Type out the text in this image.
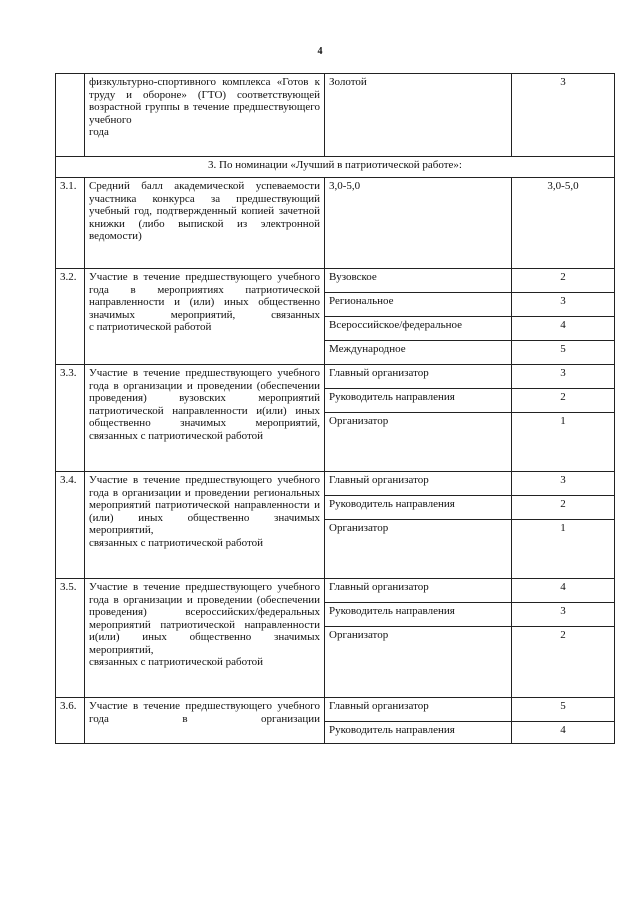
4
	физкультурно-спортивного комплекса «Готов к труду и обороне» (ГТО) соответствующей возрастной группы в течение предшествующего учебного
года	Золотой	3
3. По номинации «Лучший в патриотической работе»:			
3.1.	Средний балл академической успеваемости участника конкурса за предшествующий учебный год, подтвержденный копией зачетной книжки (либо выпиской из электронной
ведомости)	3,0-5,0	3,0-5,0
3.2.	Участие в течение предшествующего учебного года в мероприятиях патриотической направленности и (или) иных общественно значимых мероприятий, связанных
с патриотической работой	Вузовское	2
		Региональное	3
		Всероссийское/федеральное	4
		Международное	5
3.3.	Участие в течение предшествующего учебного года в организации и проведении (обеспечении проведения) вузовских мероприятий патриотической направленности и(или) иных общественно значимых мероприятий,
связанных с патриотической работой	Главный организатор	3
		Руководитель направления	2
		Организатор	1
3.4.	Участие в течение предшествующего учебного года в организации и проведении региональных мероприятий патриотической направленности и (или) иных общественно значимых мероприятий,
связанных с патриотической работой	Главный организатор	3
		Руководитель направления	2
		Организатор	1
3.5.	Участие в течение предшествующего учебного года в организации и проведении (обеспечении проведения) всероссийских/федеральных мероприятий патриотической направленности и(или) иных общественно значимых мероприятий,
связанных с патриотической работой	Главный организатор	4
		Руководитель направления	3
		Организатор	2
3.6.	Участие в течение предшествующего учебного года в организации	Главный организатор	5
		Руководитель направления	4
